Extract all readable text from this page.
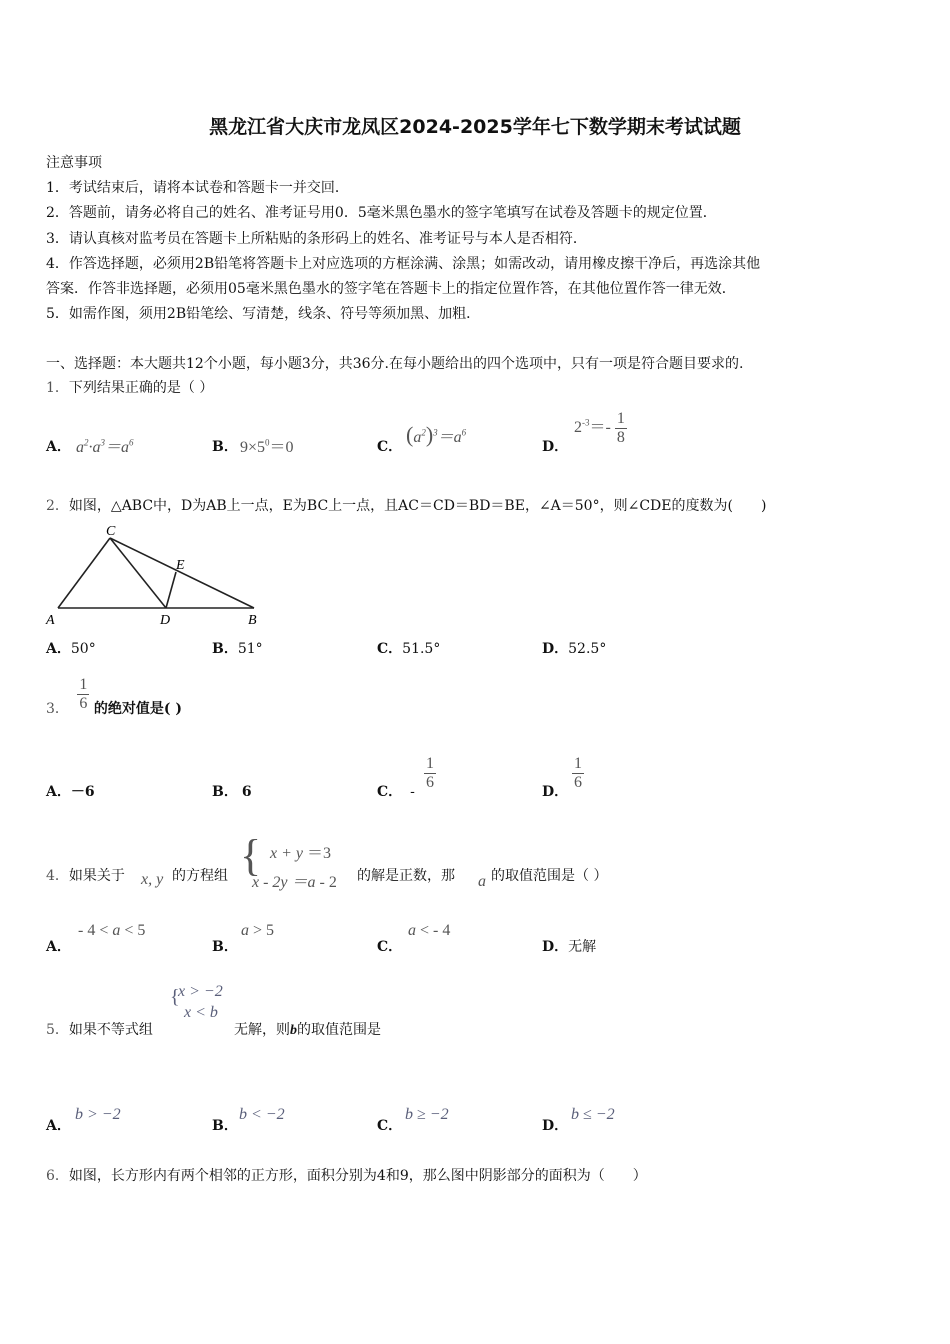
黑龙江省大庆市龙凤区2024-2025学年七下数学期末考试试题
注意事项
1．考试结束后，请将本试卷和答题卡一并交回．
2．答题前，请务必将自己的姓名、准考证号用0．5毫米黑色墨水的签字笔填写在试卷及答题卡的规定位置．
3．请认真核对监考员在答题卡上所粘贴的条形码上的姓名、准考证号与本人是否相符．
4．作答选择题，必须用2B铅笔将答题卡上对应选项的方框涂满、涂黑；如需改动，请用橡皮擦干净后，再选涂其他
答案．作答非选择题，必须用05毫米黑色墨水的签字笔在答题卡上的指定位置作答，在其他位置作答一律无效．
5．如需作图，须用2B铅笔绘、写清楚，线条、符号等须加黑、加粗．
一、选择题：本大题共12个小题，每小题3分，共36分.在每小题给出的四个选项中，只有一项是符合题目要求的.
1．下列结果正确的是（ ）
A． $a^2\cdot a^3=a^6$	B． $9\times 5^0=0$	C． $(a^2)^3=a^6$
D．
$2^{-3}=- \frac{1}{8}$
2．如图，△ABC中，D为AB上一点，E为BC上一点，且AC＝CD＝BD＝BE，∠A＝50°，则∠CDE的度数为(　　)
C
E
A	D	B
A．50°	B．51°	C．51.5°	D．52.5°
3． $\frac{1}{6}$ 的绝对值是( )
A．－6	B． 6	C． -
$\frac{1}{6}$
D．
$\frac{1}{6}$
4．如果关于 x, y 的方程组 { x + y ＝3
x - 2y ＝a - 2 的解是正数，那 a 的取值范围是（ ）
A．
- 4 < a < 5
B．
a > 5
C．
a < - 4
D．无解
{
x > −2
x < b
5．如果不等式组	无解，则b的取值范围是
A．
b > −2
B．
b < −2
C．
b ≥ −2
D．
b ≤ −2
6．如图，长方形内有两个相邻的正方形，面积分别为4和9，那么图中阴影部分的面积为（　　）
